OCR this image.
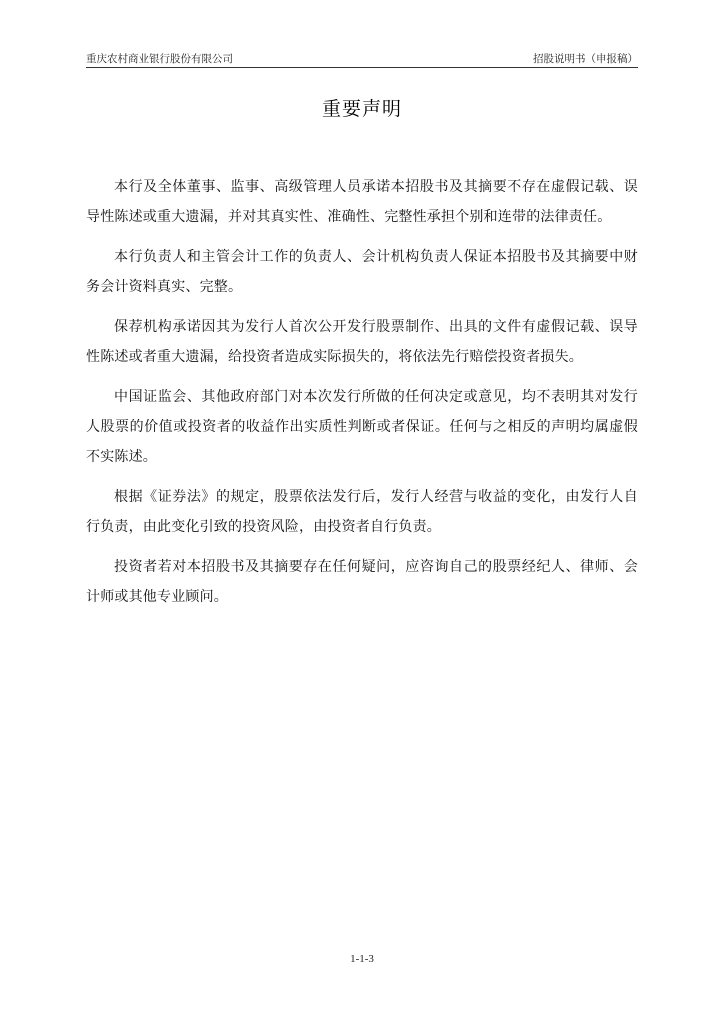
重庆农村商业银行股份有限公司	招股说明书（申报稿）
重要声明

本行及全体董事、监事、高级管理人员承诺本招股书及其摘要不存在虚假记载、误导性陈述或重大遗漏，并对其真实性、准确性、完整性承担个别和连带的法律责任。

本行负责人和主管会计工作的负责人、会计机构负责人保证本招股书及其摘要中财务会计资料真实、完整。

保荐机构承诺因其为发行人首次公开发行股票制作、出具的文件有虚假记载、误导性陈述或者重大遗漏，给投资者造成实际损失的，将依法先行赔偿投资者损失。

中国证监会、其他政府部门对本次发行所做的任何决定或意见，均不表明其对发行人股票的价值或投资者的收益作出实质性判断或者保证。任何与之相反的声明均属虚假不实陈述。

根据《证券法》的规定，股票依法发行后，发行人经营与收益的变化，由发行人自行负责，由此变化引致的投资风险，由投资者自行负责。

投资者若对本招股书及其摘要存在任何疑问，应咨询自己的股票经纪人、律师、会计师或其他专业顾问。

1-1-3
